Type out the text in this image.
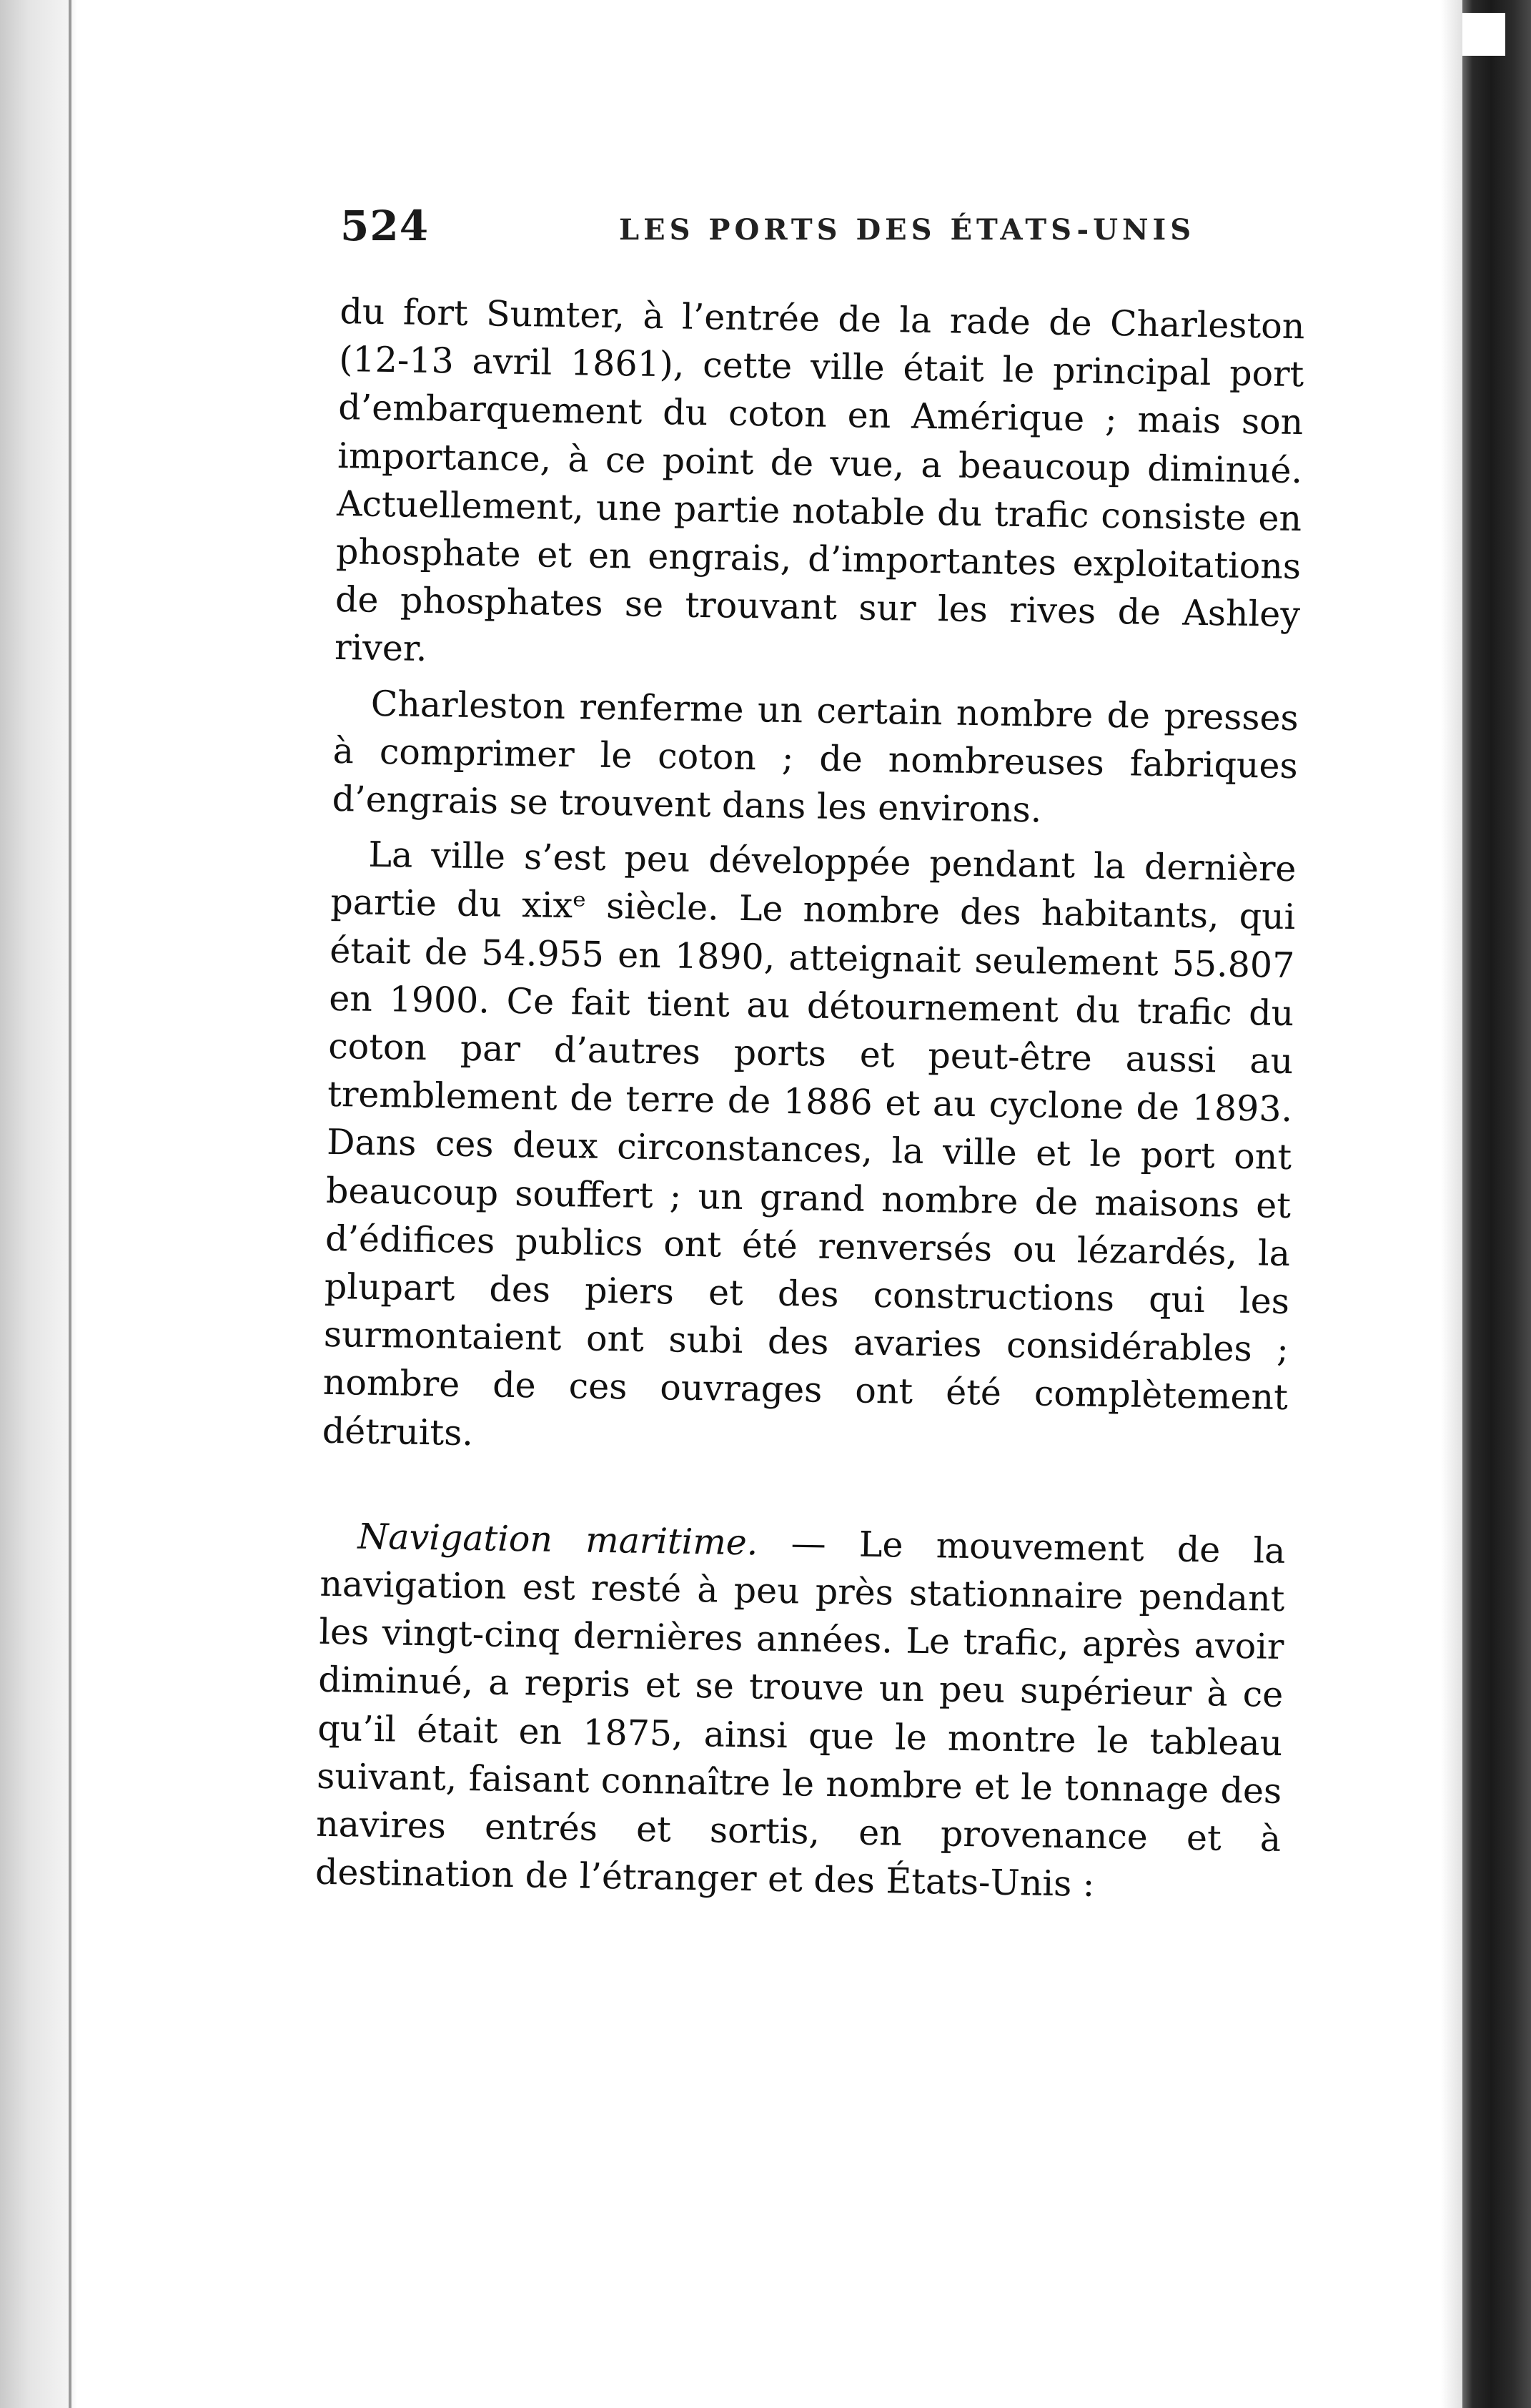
524	LES PORTS DES ÉTATS-UNIS

du fort Sumter, à l’entrée de la rade de Charleston (12-13 avril 1861), cette ville était le principal port d’embarquement du coton en Amérique ; mais son importance, à ce point de vue, a beaucoup diminué. Actuellement, une partie notable du trafic consiste en phosphate et en engrais, d’importantes exploitations de phosphates se trouvant sur les rives de Ashley river.

Charleston renferme un certain nombre de presses à comprimer le coton ; de nombreuses fabriques d’engrais se trouvent dans les environs.

La ville s’est peu développée pendant la dernière partie du xixᵉ siècle. Le nombre des habitants, qui était de 54.955 en 1890, atteignait seulement 55.807 en 1900. Ce fait tient au détournement du trafic du coton par d’autres ports et peut-être aussi au tremblement de terre de 1886 et au cyclone de 1893. Dans ces deux circonstances, la ville et le port ont beaucoup souffert ; un grand nombre de maisons et d’édifices publics ont été renversés ou lézardés, la plupart des piers et des constructions qui les surmontaient ont subi des avaries considérables ; nombre de ces ouvrages ont été complètement détruits.

Navigation maritime. — Le mouvement de la navigation est resté à peu près stationnaire pendant les vingt-cinq dernières années. Le trafic, après avoir diminué, a repris et se trouve un peu supérieur à ce qu’il était en 1875, ainsi que le montre le tableau suivant, faisant connaître le nombre et le tonnage des navires entrés et sortis, en provenance et à destination de l’étranger et des États-Unis :
